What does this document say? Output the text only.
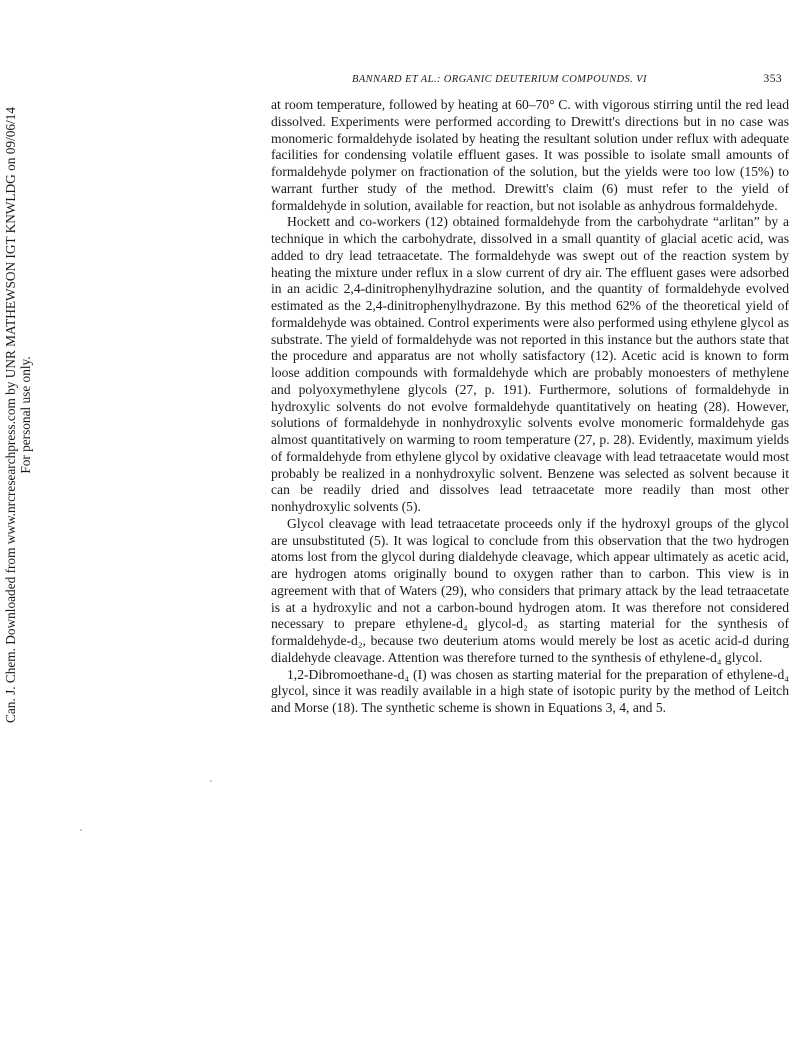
BANNARD ET AL.: ORGANIC DEUTERIUM COMPOUNDS. VI	353
Can. J. Chem. Downloaded from www.nrcresearchpress.com by UNR MATHEWSON IGT KNWLDG on 09/06/14 For personal use only.

at room temperature, followed by heating at 60–70° C. with vigorous stirring until the red lead dissolved. Experiments were performed according to Drewitt's directions but in no case was monomeric formaldehyde isolated by heating the resultant solution under reflux with adequate facilities for condensing volatile effluent gases. It was possible to isolate small amounts of formaldehyde polymer on fractionation of the solution, but the yields were too low (15%) to warrant further study of the method. Drewitt's claim (6) must refer to the yield of formaldehyde in solution, available for reaction, but not isolable as anhydrous formaldehyde.

Hockett and co-workers (12) obtained formaldehyde from the carbohydrate “arlitan” by a technique in which the carbohydrate, dissolved in a small quantity of glacial acetic acid, was added to dry lead tetraacetate. The formaldehyde was swept out of the reaction system by heating the mixture under reflux in a slow current of dry air. The effluent gases were adsorbed in an acidic 2,4-dinitrophenylhydrazine solution, and the quantity of formaldehyde evolved estimated as the 2,4-dinitrophenylhydrazone. By this method 62% of the theoretical yield of formaldehyde was obtained. Control experiments were also performed using ethylene glycol as substrate. The yield of formaldehyde was not reported in this instance but the authors state that the procedure and apparatus are not wholly satisfactory (12). Acetic acid is known to form loose addition compounds with formaldehyde which are probably monoesters of methylene and polyoxymethylene glycols (27, p. 191). Furthermore, solutions of formaldehyde in hydroxylic solvents do not evolve formaldehyde quantitatively on heating (28). However, solutions of formaldehyde in nonhydroxylic solvents evolve monomeric formaldehyde gas almost quantitatively on warming to room temperature (27, p. 28). Evidently, maximum yields of formaldehyde from ethylene glycol by oxidative cleavage with lead tetraacetate would most probably be realized in a nonhydroxylic solvent. Benzene was selected as solvent because it can be readily dried and dissolves lead tetraacetate more readily than most other nonhydroxylic solvents (5).

Glycol cleavage with lead tetraacetate proceeds only if the hydroxyl groups of the glycol are unsubstituted (5). It was logical to conclude from this observation that the two hydrogen atoms lost from the glycol during dialdehyde cleavage, which appear ultimately as acetic acid, are hydrogen atoms originally bound to oxygen rather than to carbon. This view is in agreement with that of Waters (29), who considers that primary attack by the lead tetraacetate is at a hydroxylic and not a carbon-bound hydrogen atom. It was therefore not considered necessary to prepare ethylene-d₄ glycol-d₂ as starting material for the synthesis of formaldehyde-d₂, because two deuterium atoms would merely be lost as acetic acid-d during dialdehyde cleavage. Attention was therefore turned to the synthesis of ethylene-d₄ glycol.

1,2-Dibromoethane-d₄ (I) was chosen as starting material for the preparation of ethylene-d₄ glycol, since it was readily available in a high state of isotopic purity by the method of Leitch and Morse (18). The synthetic scheme is shown in Equations 3, 4, and 5.
